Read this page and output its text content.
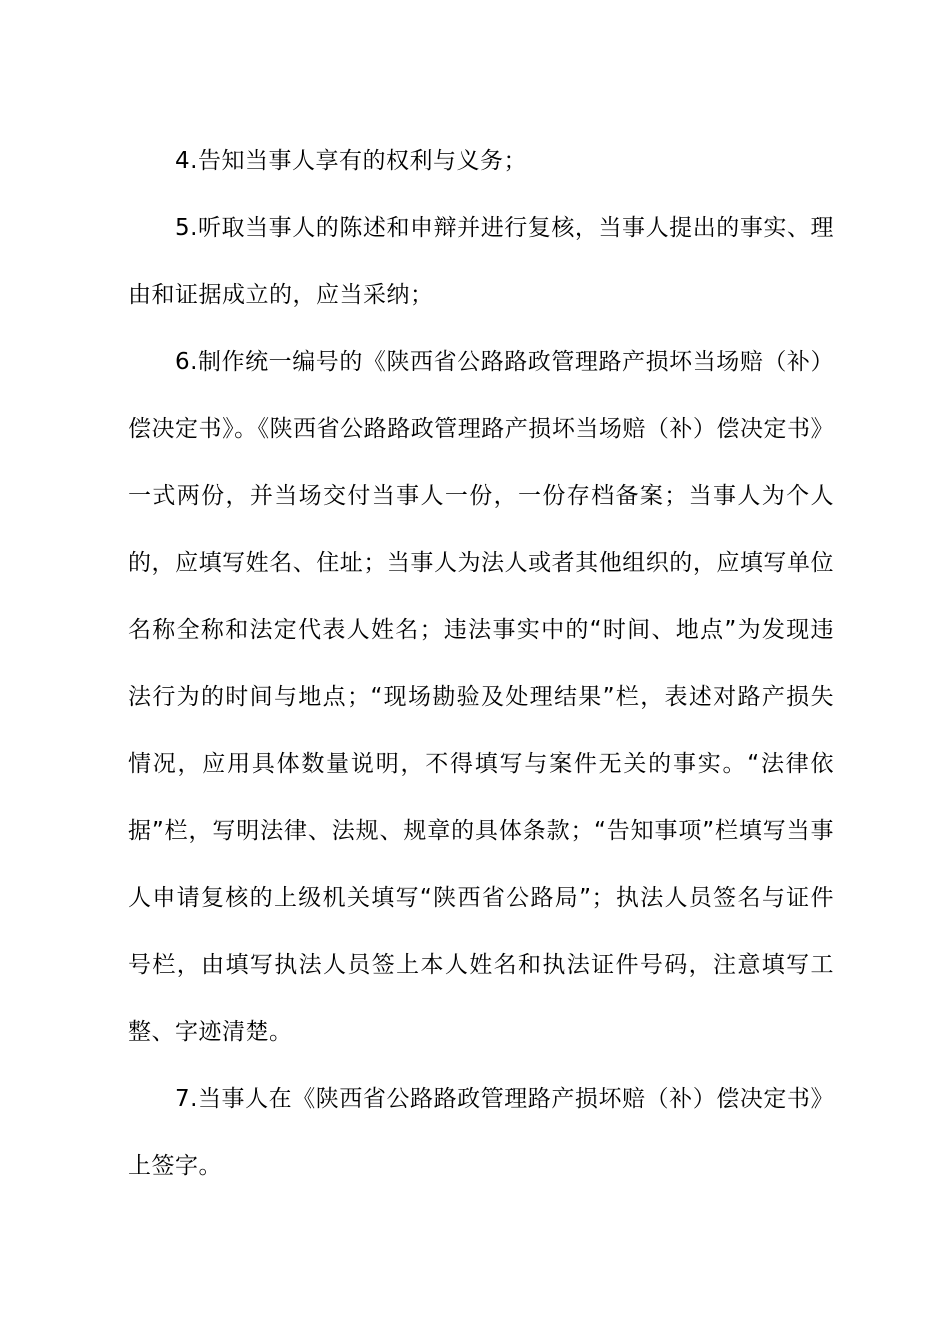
4.告知当事人享有的权利与义务；

5.听取当事人的陈述和申辩并进行复核，当事人提出的事实、理由和证据成立的，应当采纳；

6.制作统一编号的《陕西省公路路政管理路产损坏当场赔（补）偿决定书》。《陕西省公路路政管理路产损坏当场赔（补）偿决定书》一式两份，并当场交付当事人一份，一份存档备案；当事人为个人的，应填写姓名、住址；当事人为法人或者其他组织的，应填写单位名称全称和法定代表人姓名；违法事实中的“时间、地点”为发现违法行为的时间与地点；“现场勘验及处理结果”栏，表述对路产损失情况，应用具体数量说明，不得填写与案件无关的事实。“法律依据”栏，写明法律、法规、规章的具体条款；“告知事项”栏填写当事人申请复核的上级机关填写“陕西省公路局”；执法人员签名与证件号栏，由填写执法人员签上本人姓名和执法证件号码，注意填写工整、字迹清楚。

7.当事人在《陕西省公路路政管理路产损坏赔（补）偿决定书》上签字。
